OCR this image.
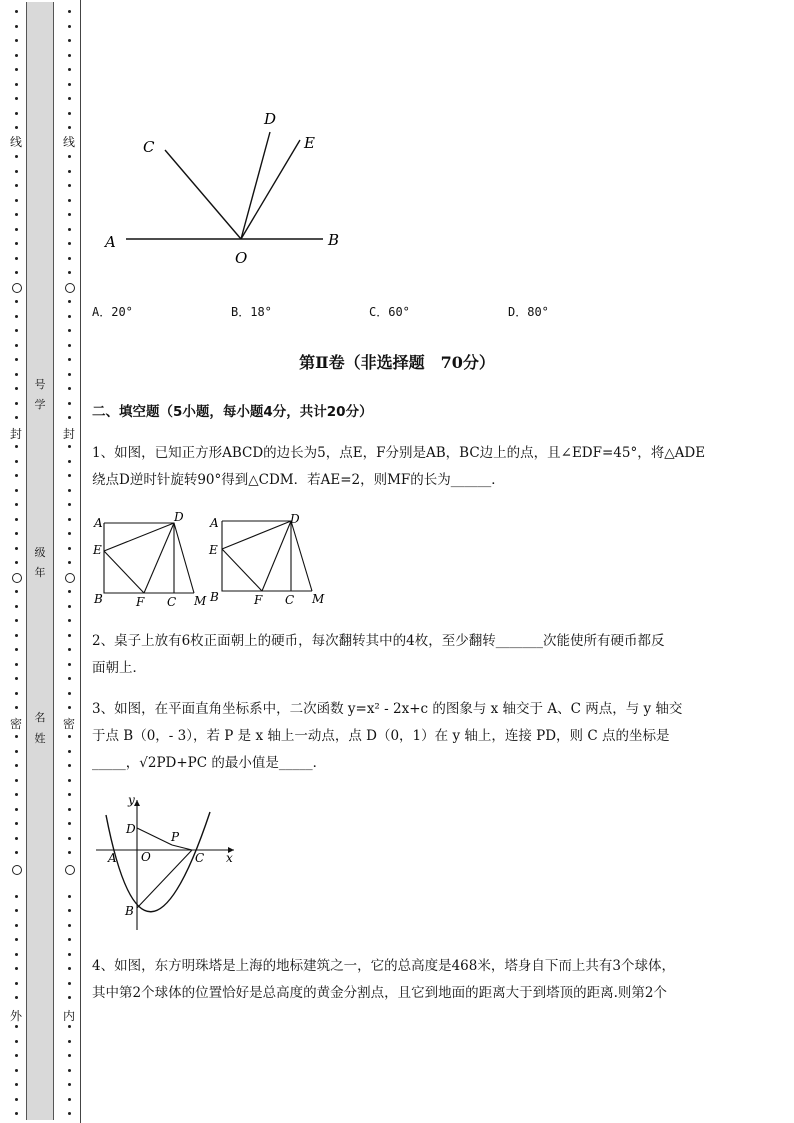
号
学
级
年
名
姓
线
封
密
外
线
封
密
内
A	B
C
D
E
O
A．20°	B．18°	C．60°	D．80°
第Ⅱ卷（非选择题　70分）
二、填空题（5小题，每小题4分，共计20分）
1、如图，已知正方形ABCD的边长为5，点E，F分别是AB，BC边上的点，且∠EDF=45°，将△ADE
绕点D逆时针旋转90°得到△CDM．若AE=2，则MF的长为______．
A	D
E
B	F C M
A	D
E
B	F C M
2、桌子上放有6枚正面朝上的硬币，每次翻转其中的4枚，至少翻转_______次能使所有硬币都反
面朝上．
3、如图，在平面直角坐标系中，二次函数 y=x² - 2x+c 的图象与 x 轴交于 A、C 两点，与 y 轴交
于点 B（0，- 3），若 P 是 x 轴上一动点，点 D（0，1）在 y 轴上，连接 PD，则 C 点的坐标是
_____，√2PD+PC 的最小值是_____．
y
x
D
P
A O	C
B
4、如图，东方明珠塔是上海的地标建筑之一，它的总高度是468米，塔身自下而上共有3个球体，
其中第2个球体的位置恰好是总高度的黄金分割点，且它到地面的距离大于到塔顶的距离.则第2个
